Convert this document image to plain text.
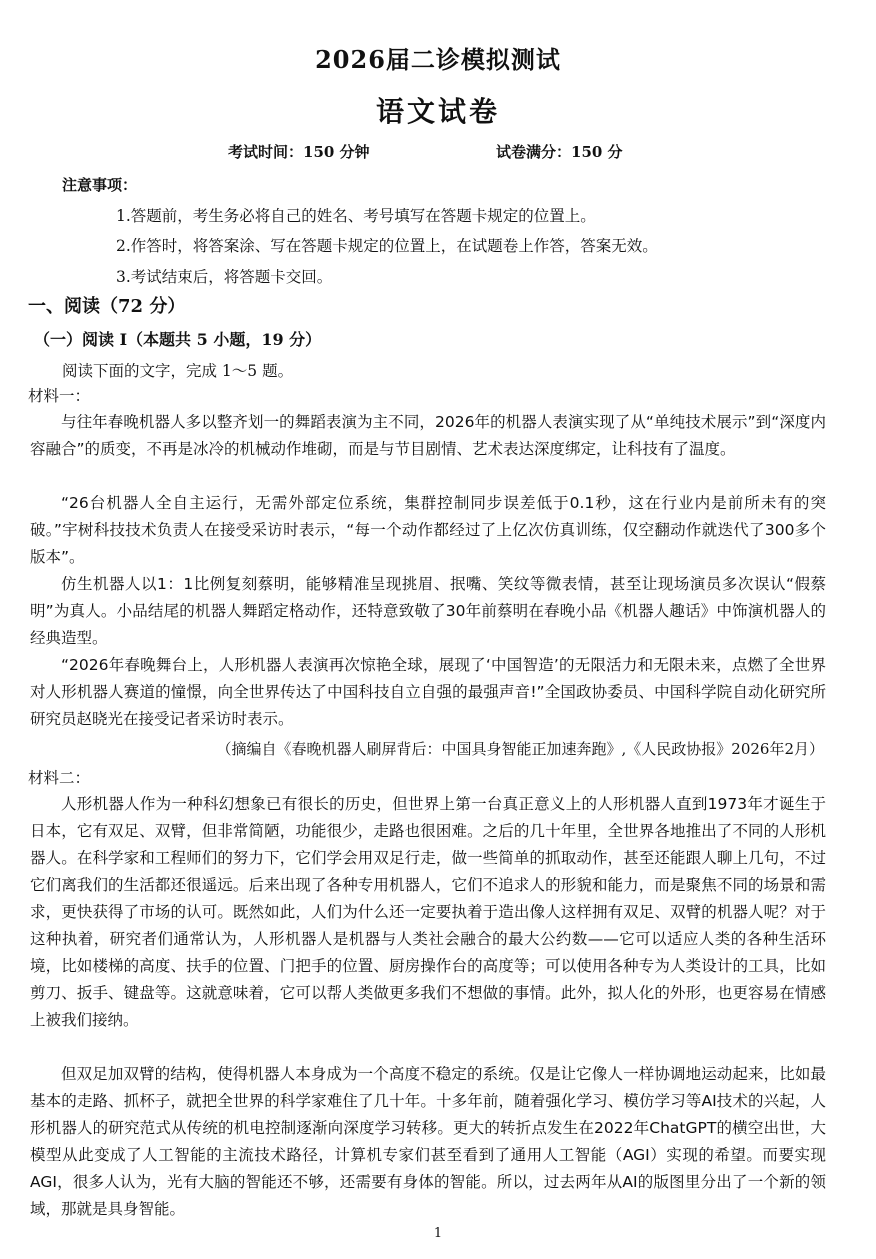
2026届二诊模拟测试
语文试卷
考试时间：150 分钟	试卷满分：150 分
注意事项：
1.答题前，考生务必将自己的姓名、考号填写在答题卡规定的位置上。
2.作答时，将答案涂、写在答题卡规定的位置上，在试题卷上作答，答案无效。
3.考试结束后，将答题卡交回。
一、阅读（72 分）
（一）阅读 I（本题共 5 小题，19 分）
阅读下面的文字，完成 1～5 题。
材料一：

与往年春晚机器人多以整齐划一的舞蹈表演为主不同，2026年的机器人表演实现了从“单纯技术展示”到“深度内容融合”的质变，不再是冰冷的机械动作堆砌，而是与节目剧情、艺术表达深度绑定，让科技有了温度。

“26台机器人全自主运行，无需外部定位系统，集群控制同步误差低于0.1秒，这在行业内是前所未有的突破。”宇树科技技术负责人在接受采访时表示，“每一个动作都经过了上亿次仿真训练，仅空翻动作就迭代了300多个版本”。

仿生机器人以1：1比例复刻蔡明，能够精准呈现挑眉、抿嘴、笑纹等微表情，甚至让现场演员多次误认“假蔡明”为真人。小品结尾的机器人舞蹈定格动作，还特意致敬了30年前蔡明在春晚小品《机器人趣话》中饰演机器人的经典造型。

“2026年春晚舞台上，人形机器人表演再次惊艳全球，展现了‘中国智造’的无限活力和无限未来，点燃了全世界对人形机器人赛道的憧憬，向全世界传达了中国科技自立自强的最强声音!”全国政协委员、中国科学院自动化研究所研究员赵晓光在接受记者采访时表示。

（摘编自《春晚机器人刷屏背后：中国具身智能正加速奔跑》,《人民政协报》2026年2月）
材料二：

人形机器人作为一种科幻想象已有很长的历史，但世界上第一台真正意义上的人形机器人直到1973年才诞生于日本，它有双足、双臂，但非常简陋，功能很少，走路也很困难。之后的几十年里，全世界各地推出了不同的人形机器人。在科学家和工程师们的努力下，它们学会用双足行走，做一些简单的抓取动作，甚至还能跟人聊上几句，不过它们离我们的生活都还很遥远。后来出现了各种专用机器人，它们不追求人的形貌和能力，而是聚焦不同的场景和需求，更快获得了市场的认可。既然如此，人们为什么还一定要执着于造出像人这样拥有双足、双臂的机器人呢？对于这种执着，研究者们通常认为，人形机器人是机器与人类社会融合的最大公约数——它可以适应人类的各种生活环境，比如楼梯的高度、扶手的位置、门把手的位置、厨房操作台的高度等；可以使用各种专为人类设计的工具，比如剪刀、扳手、键盘等。这就意味着，它可以帮人类做更多我们不想做的事情。此外，拟人化的外形，也更容易在情感上被我们接纳。

但双足加双臂的结构，使得机器人本身成为一个高度不稳定的系统。仅是让它像人一样协调地运动起来，比如最基本的走路、抓杯子，就把全世界的科学家难住了几十年。十多年前，随着强化学习、模仿学习等AI技术的兴起，人形机器人的研究范式从传统的机电控制逐渐向深度学习转移。更大的转折点发生在2022年ChatGPT的横空出世，大模型从此变成了人工智能的主流技术路径，计算机专家们甚至看到了通用人工智能（AGI）实现的希望。而要实现AGI，很多人认为，光有大脑的智能还不够，还需要有身体的智能。所以，过去两年从AI的版图里分出了一个新的领域，那就是具身智能。

1
